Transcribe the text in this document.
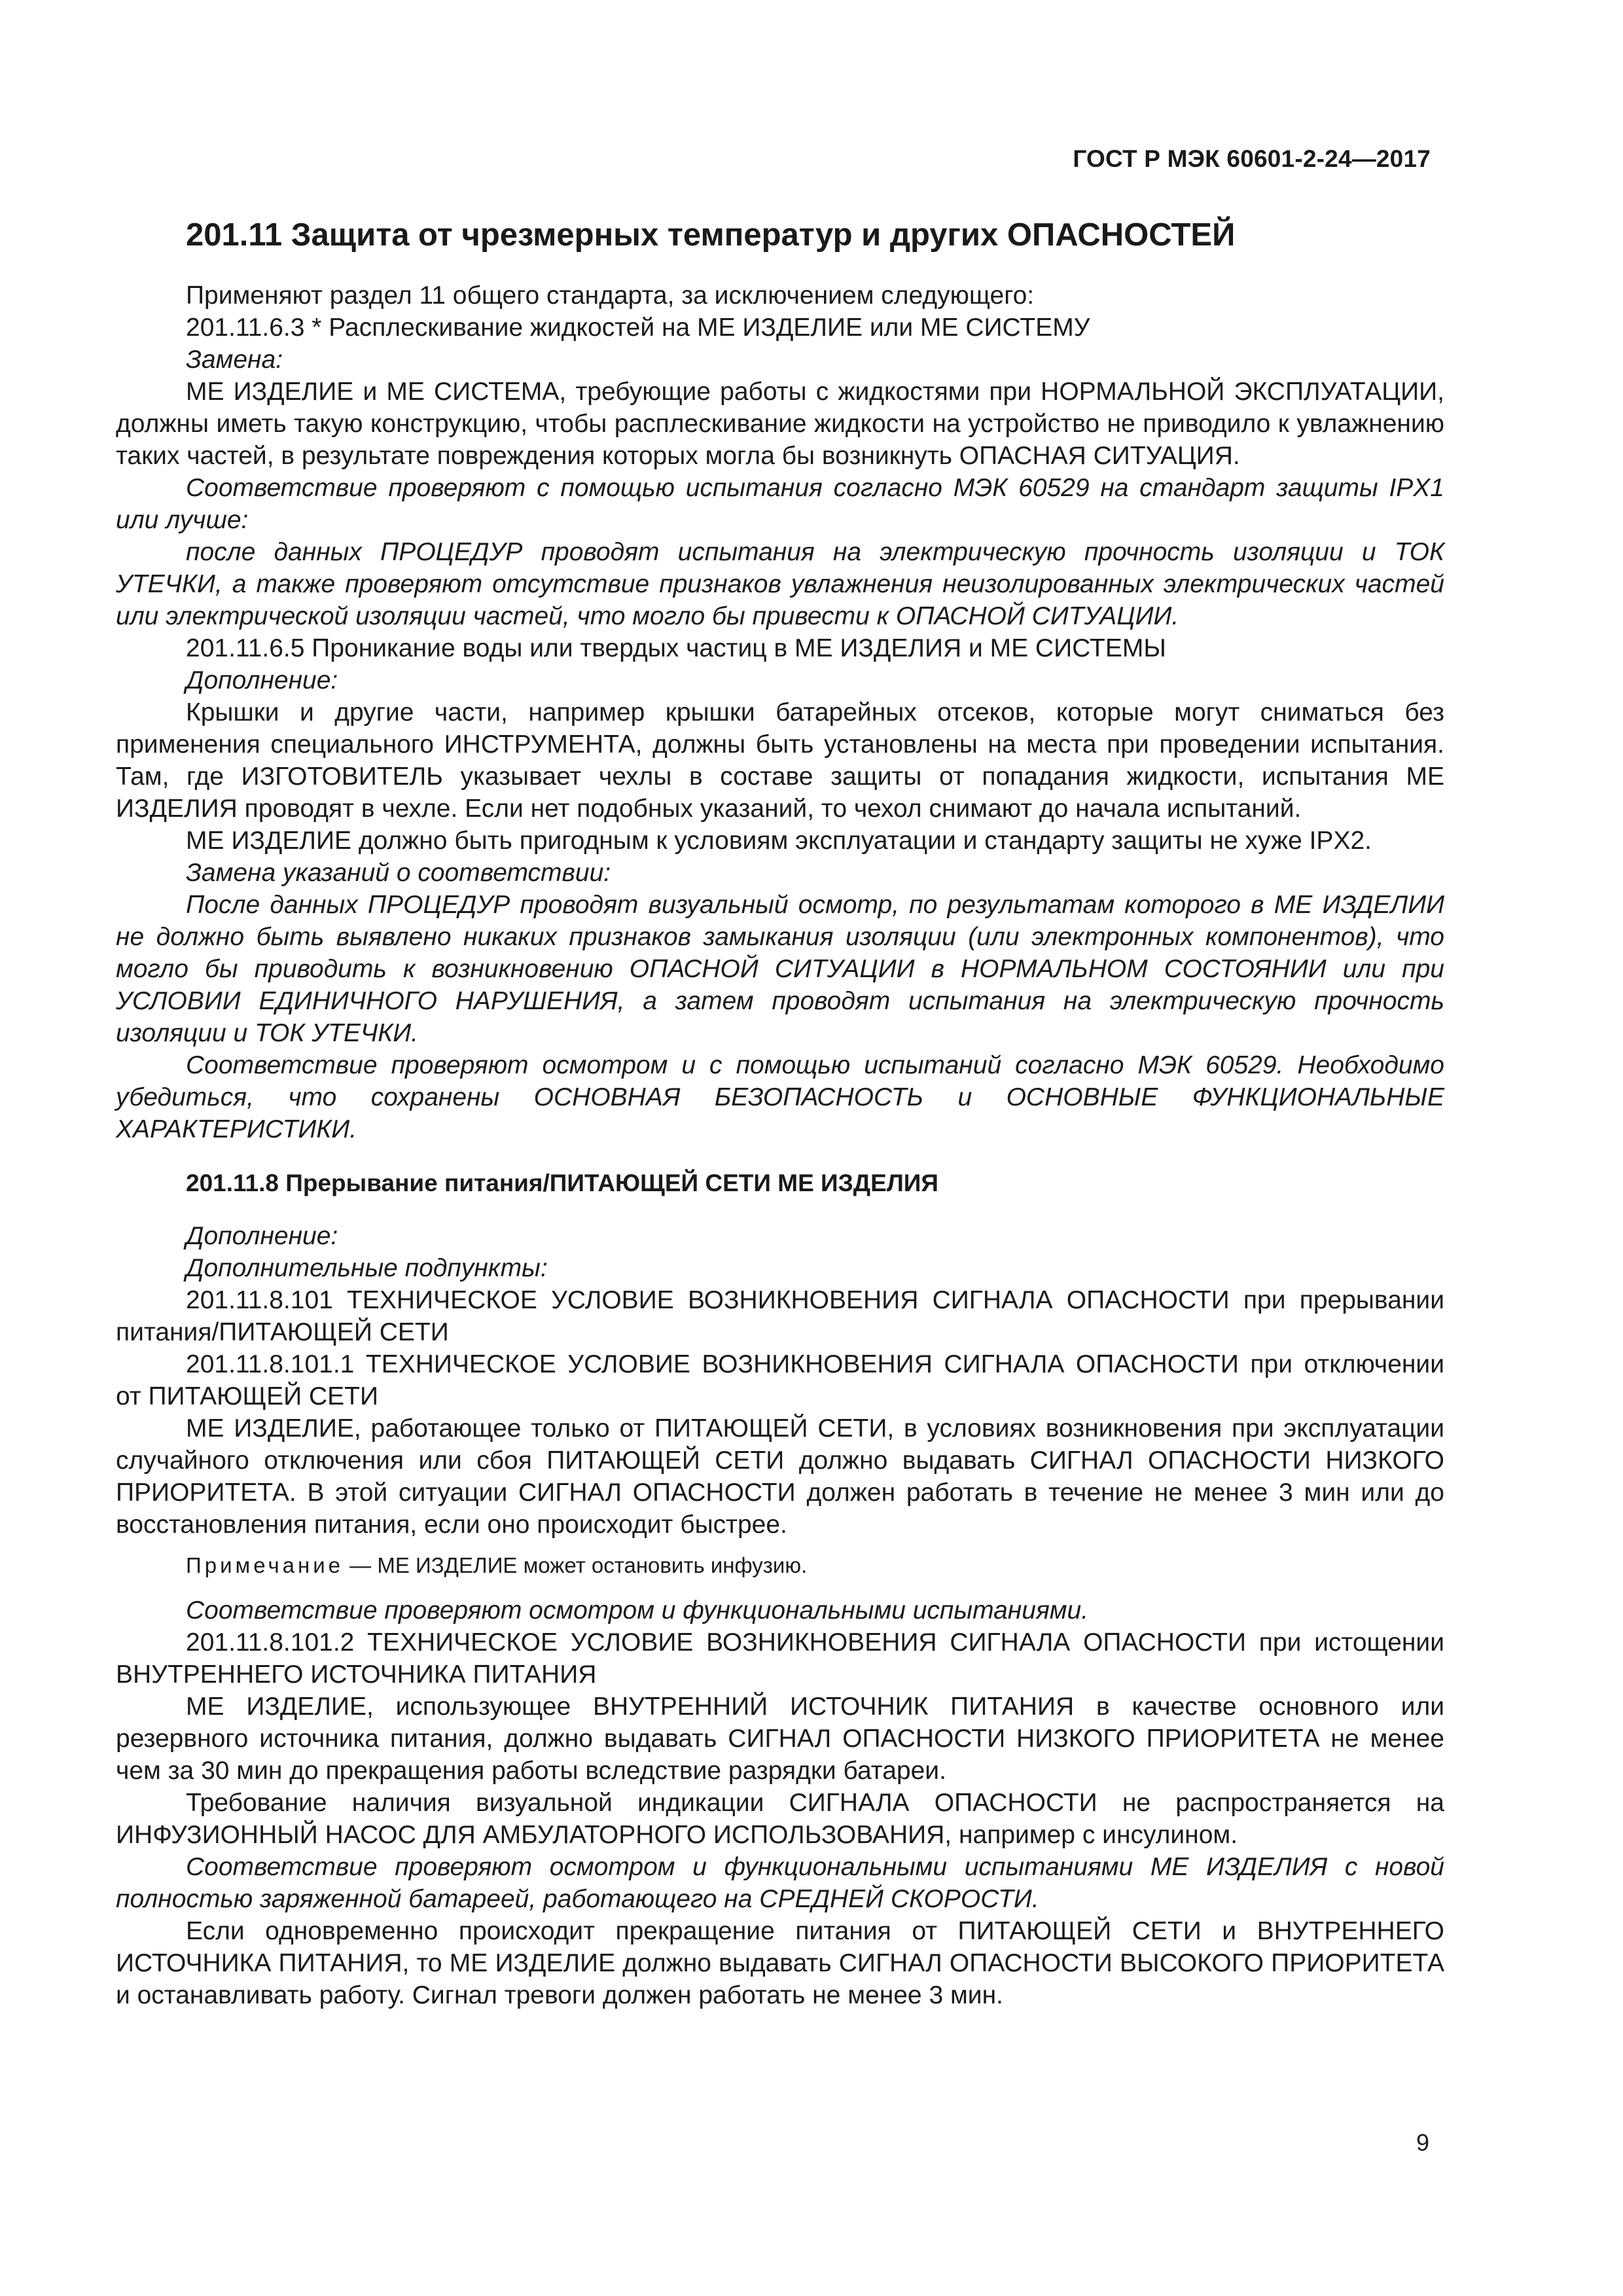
ГОСТ Р МЭК 60601-2-24—2017
201.11 Защита от чрезмерных температур и других ОПАСНОСТЕЙ

Применяют раздел 11 общего стандарта, за исключением следующего:

201.11.6.3 * Расплескивание жидкостей на МЕ ИЗДЕЛИЕ или МЕ СИСТЕМУ

Замена:

МЕ ИЗДЕЛИЕ и МЕ СИСТЕМА, требующие работы с жидкостями при НОРМАЛЬНОЙ ЭКСПЛУАТАЦИИ, должны иметь такую конструкцию, чтобы расплескивание жидкости на устройство не приводило к увлажнению таких частей, в результате повреждения которых могла бы возникнуть ОПАСНАЯ СИТУАЦИЯ.

Соответствие проверяют с помощью испытания согласно МЭК 60529 на стандарт защиты IPX1 или лучше:

после данных ПРОЦЕДУР проводят испытания на электрическую прочность изоляции и ТОК УТЕЧКИ, а также проверяют отсутствие признаков увлажнения неизолированных электрических частей или электрической изоляции частей, что могло бы привести к ОПАСНОЙ СИТУАЦИИ.

201.11.6.5 Проникание воды или твердых частиц в МЕ ИЗДЕЛИЯ и МЕ СИСТЕМЫ

Дополнение:

Крышки и другие части, например крышки батарейных отсеков, которые могут сниматься без применения специального ИНСТРУМЕНТА, должны быть установлены на места при проведении испытания. Там, где ИЗГОТОВИТЕЛЬ указывает чехлы в составе защиты от попадания жидкости, испытания МЕ ИЗДЕЛИЯ проводят в чехле. Если нет подобных указаний, то чехол снимают до начала испытаний.

МЕ ИЗДЕЛИЕ должно быть пригодным к условиям эксплуатации и стандарту защиты не хуже IPX2.

Замена указаний о соответствии:

После данных ПРОЦЕДУР проводят визуальный осмотр, по результатам которого в МЕ ИЗДЕЛИИ не должно быть выявлено никаких признаков замыкания изоляции (или электронных компонентов), что могло бы приводить к возникновению ОПАСНОЙ СИТУАЦИИ в НОРМАЛЬНОМ СОСТОЯНИИ или при УСЛОВИИ ЕДИНИЧНОГО НАРУШЕНИЯ, а затем проводят испытания на электрическую прочность изоляции и ТОК УТЕЧКИ.

Соответствие проверяют осмотром и с помощью испытаний согласно МЭК 60529. Необходимо убедиться, что сохранены ОСНОВНАЯ БЕЗОПАСНОСТЬ и ОСНОВНЫЕ ФУНКЦИОНАЛЬНЫЕ ХАРАКТЕРИСТИКИ.

201.11.8 Прерывание питания/ПИТАЮЩЕЙ СЕТИ МЕ ИЗДЕЛИЯ

Дополнение:

Дополнительные подпункты:

201.11.8.101 ТЕХНИЧЕСКОЕ УСЛОВИЕ ВОЗНИКНОВЕНИЯ СИГНАЛА ОПАСНОСТИ при прерывании питания/ПИТАЮЩЕЙ СЕТИ

201.11.8.101.1 ТЕХНИЧЕСКОЕ УСЛОВИЕ ВОЗНИКНОВЕНИЯ СИГНАЛА ОПАСНОСТИ при отключении от ПИТАЮЩЕЙ СЕТИ

МЕ ИЗДЕЛИЕ, работающее только от ПИТАЮЩЕЙ СЕТИ, в условиях возникновения при эксплуатации случайного отключения или сбоя ПИТАЮЩЕЙ СЕТИ должно выдавать СИГНАЛ ОПАСНОСТИ НИЗКОГО ПРИОРИТЕТА. В этой ситуации СИГНАЛ ОПАСНОСТИ должен работать в течение не менее 3 мин или до восстановления питания, если оно происходит быстрее.

Примечание — МЕ ИЗДЕЛИЕ может остановить инфузию.

Соответствие проверяют осмотром и функциональными испытаниями.

201.11.8.101.2 ТЕХНИЧЕСКОЕ УСЛОВИЕ ВОЗНИКНОВЕНИЯ СИГНАЛА ОПАСНОСТИ при истощении ВНУТРЕННЕГО ИСТОЧНИКА ПИТАНИЯ

МЕ ИЗДЕЛИЕ, использующее ВНУТРЕННИЙ ИСТОЧНИК ПИТАНИЯ в качестве основного или резервного источника питания, должно выдавать СИГНАЛ ОПАСНОСТИ НИЗКОГО ПРИОРИТЕТА не менее чем за 30 мин до прекращения работы вследствие разрядки батареи.

Требование наличия визуальной индикации СИГНАЛА ОПАСНОСТИ не распространяется на ИНФУЗИОННЫЙ НАСОС ДЛЯ АМБУЛАТОРНОГО ИСПОЛЬЗОВАНИЯ, например с инсулином.

Соответствие проверяют осмотром и функциональными испытаниями МЕ ИЗДЕЛИЯ с новой полностью заряженной батареей, работающего на СРЕДНЕЙ СКОРОСТИ.

Если одновременно происходит прекращение питания от ПИТАЮЩЕЙ СЕТИ и ВНУТРЕННЕГО ИСТОЧНИКА ПИТАНИЯ, то МЕ ИЗДЕЛИЕ должно выдавать СИГНАЛ ОПАСНОСТИ ВЫСОКОГО ПРИОРИТЕТА и останавливать работу. Сигнал тревоги должен работать не менее 3 мин.

9
